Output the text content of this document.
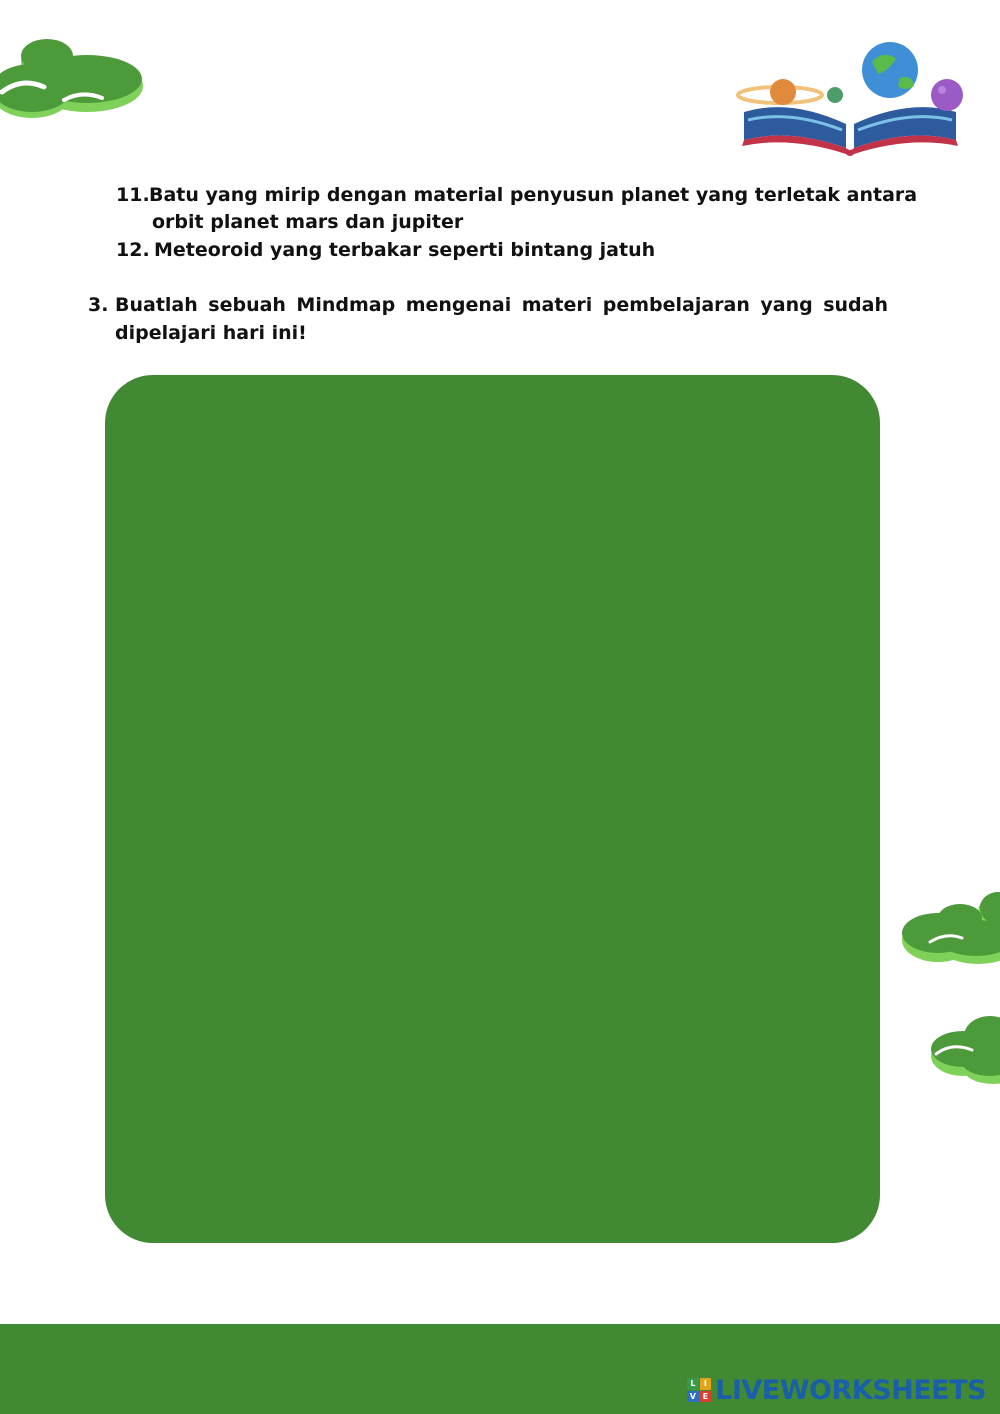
11.Batu yang mirip dengan material penyusun planet yang terletak antara
orbit planet mars dan jupiter
12. Meteoroid yang terbakar seperti bintang jatuh
3. Buatlah sebuah Mindmap mengenai materi pembelajaran yang sudah dipelajari hari ini!
L	I
V E LIVEWORKSHEETS
